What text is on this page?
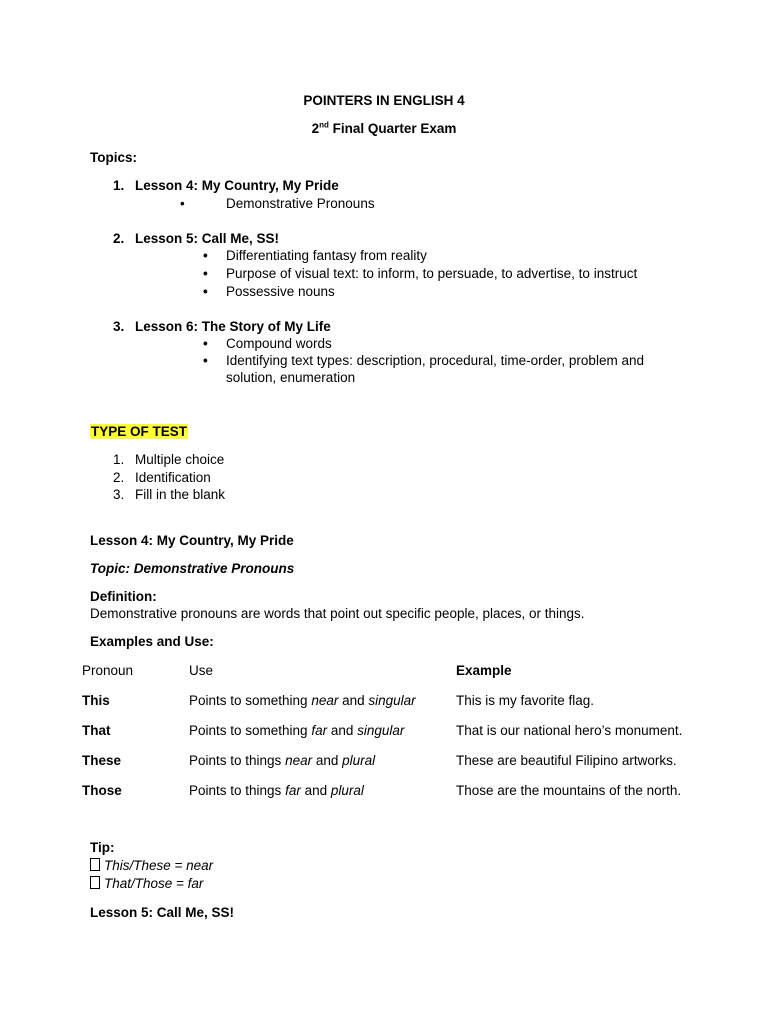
POINTERS IN ENGLISH 4
2nd Final Quarter Exam
Topics:
1. Lesson 4: My Country, My Pride
•	Demonstrative Pronouns
2. Lesson 5: Call Me, SS!
• Differentiating fantasy from reality
• Purpose of visual text: to inform, to persuade, to advertise, to instruct
• Possessive nouns
3. Lesson 6: The Story of My Life
• Compound words
• Identifying text types: description, procedural, time-order, problem and
solution, enumeration
TYPE OF TEST
1. Multiple choice
2. Identification
3. Fill in the blank
Lesson 4: My Country, My Pride
Topic: Demonstrative Pronouns
Definition:
Demonstrative pronouns are words that point out specific people, places, or things.
Examples and Use:
Pronoun	Use	Example
This	Points to something near and singular	This is my favorite flag.
That	Points to something far and singular	That is our national hero’s monument.
These	Points to things near and plural	These are beautiful Filipino artworks.
Those	Points to things far and plural	Those are the mountains of the north.
Tip:
This/These = near
That/Those = far
Lesson 5: Call Me, SS!
